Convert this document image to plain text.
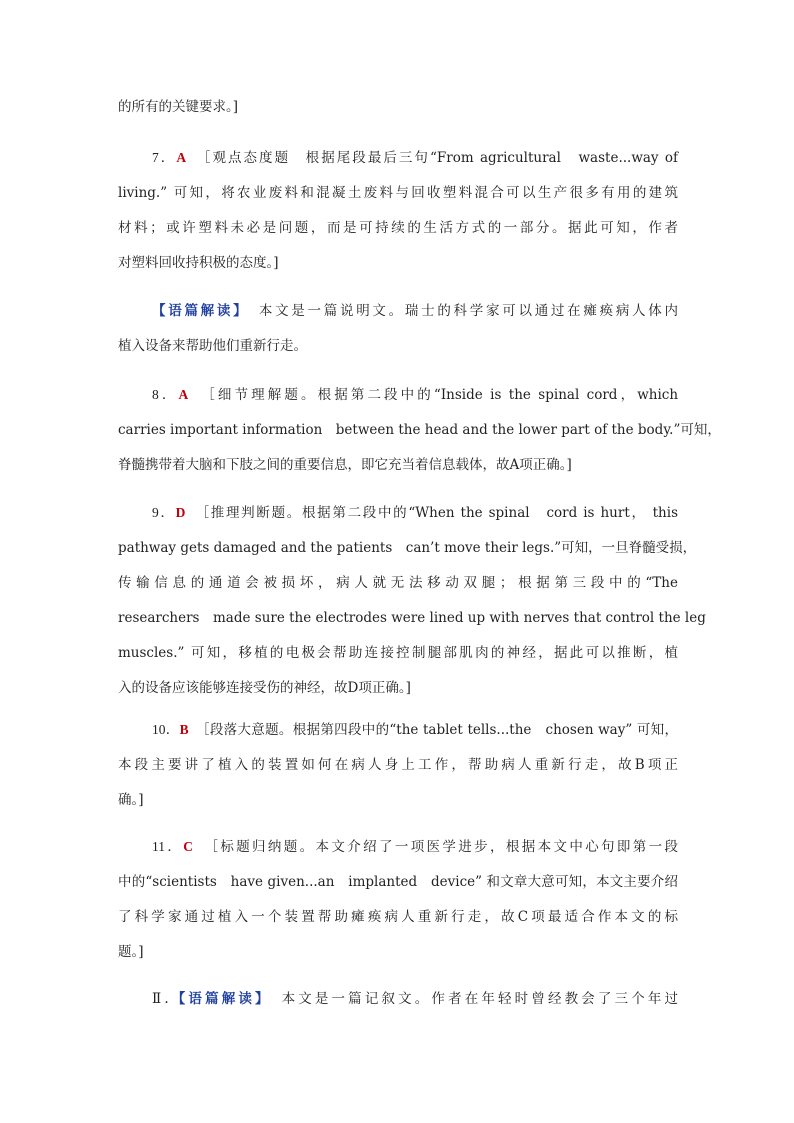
的所有的关键要求。]
7．A　 ［观点态度题　根据尾段最后三句“From agricultural　waste...way of
living.” 可知，将农业废料和混凝土废料与回收塑料混合可以生产很多有用的建筑
材料；或许塑料未必是问题，而是可持续的生活方式的一部分。据此可知，作者
对塑料回收持积极的态度。]
【语篇解读】　 本文是一篇说明文。瑞士的科学家可以通过在瘫痪病人体内
植入设备来帮助他们重新行走。
8．A　 ［细节理解题。根据第二段中的“Inside is the spinal cord，which
carries important information　between the head and the lower part of the body.”可知，
脊髓携带着大脑和下肢之间的重要信息，即它充当着信息载体，故A项正确。]
9．D　 ［推理判断题。根据第二段中的“When the spinal　cord is hurt， this
pathway gets damaged and the patients　can’t move their legs.”可知，一旦脊髓受损，
传输信息的通道会被损坏，病人就无法移动双腿；根据第三段中的“The
researchers　made sure the electrodes were lined up with nerves that control the leg
muscles.” 可知，移植的电极会帮助连接控制腿部肌肉的神经，据此可以推断，植
入的设备应该能够连接受伤的神经，故D项正确。]
10．B　 ［段落大意题。根据第四段中的“the tablet tells...the　chosen way” 可知，
本段主要讲了植入的装置如何在病人身上工作，帮助病人重新行走，故B项正
确。]
11．C　 ［标题归纳题。本文介绍了一项医学进步，根据本文中心句即第一段
中的“scientists　have given...an　implanted　device” 和文章大意可知，本文主要介绍
了科学家通过植入一个装置帮助瘫痪病人重新行走，故C项最适合作本文的标
题。]
Ⅱ.【语篇解读】　 本文是一篇记叙文。作者在年轻时曾经教会了三个年过
